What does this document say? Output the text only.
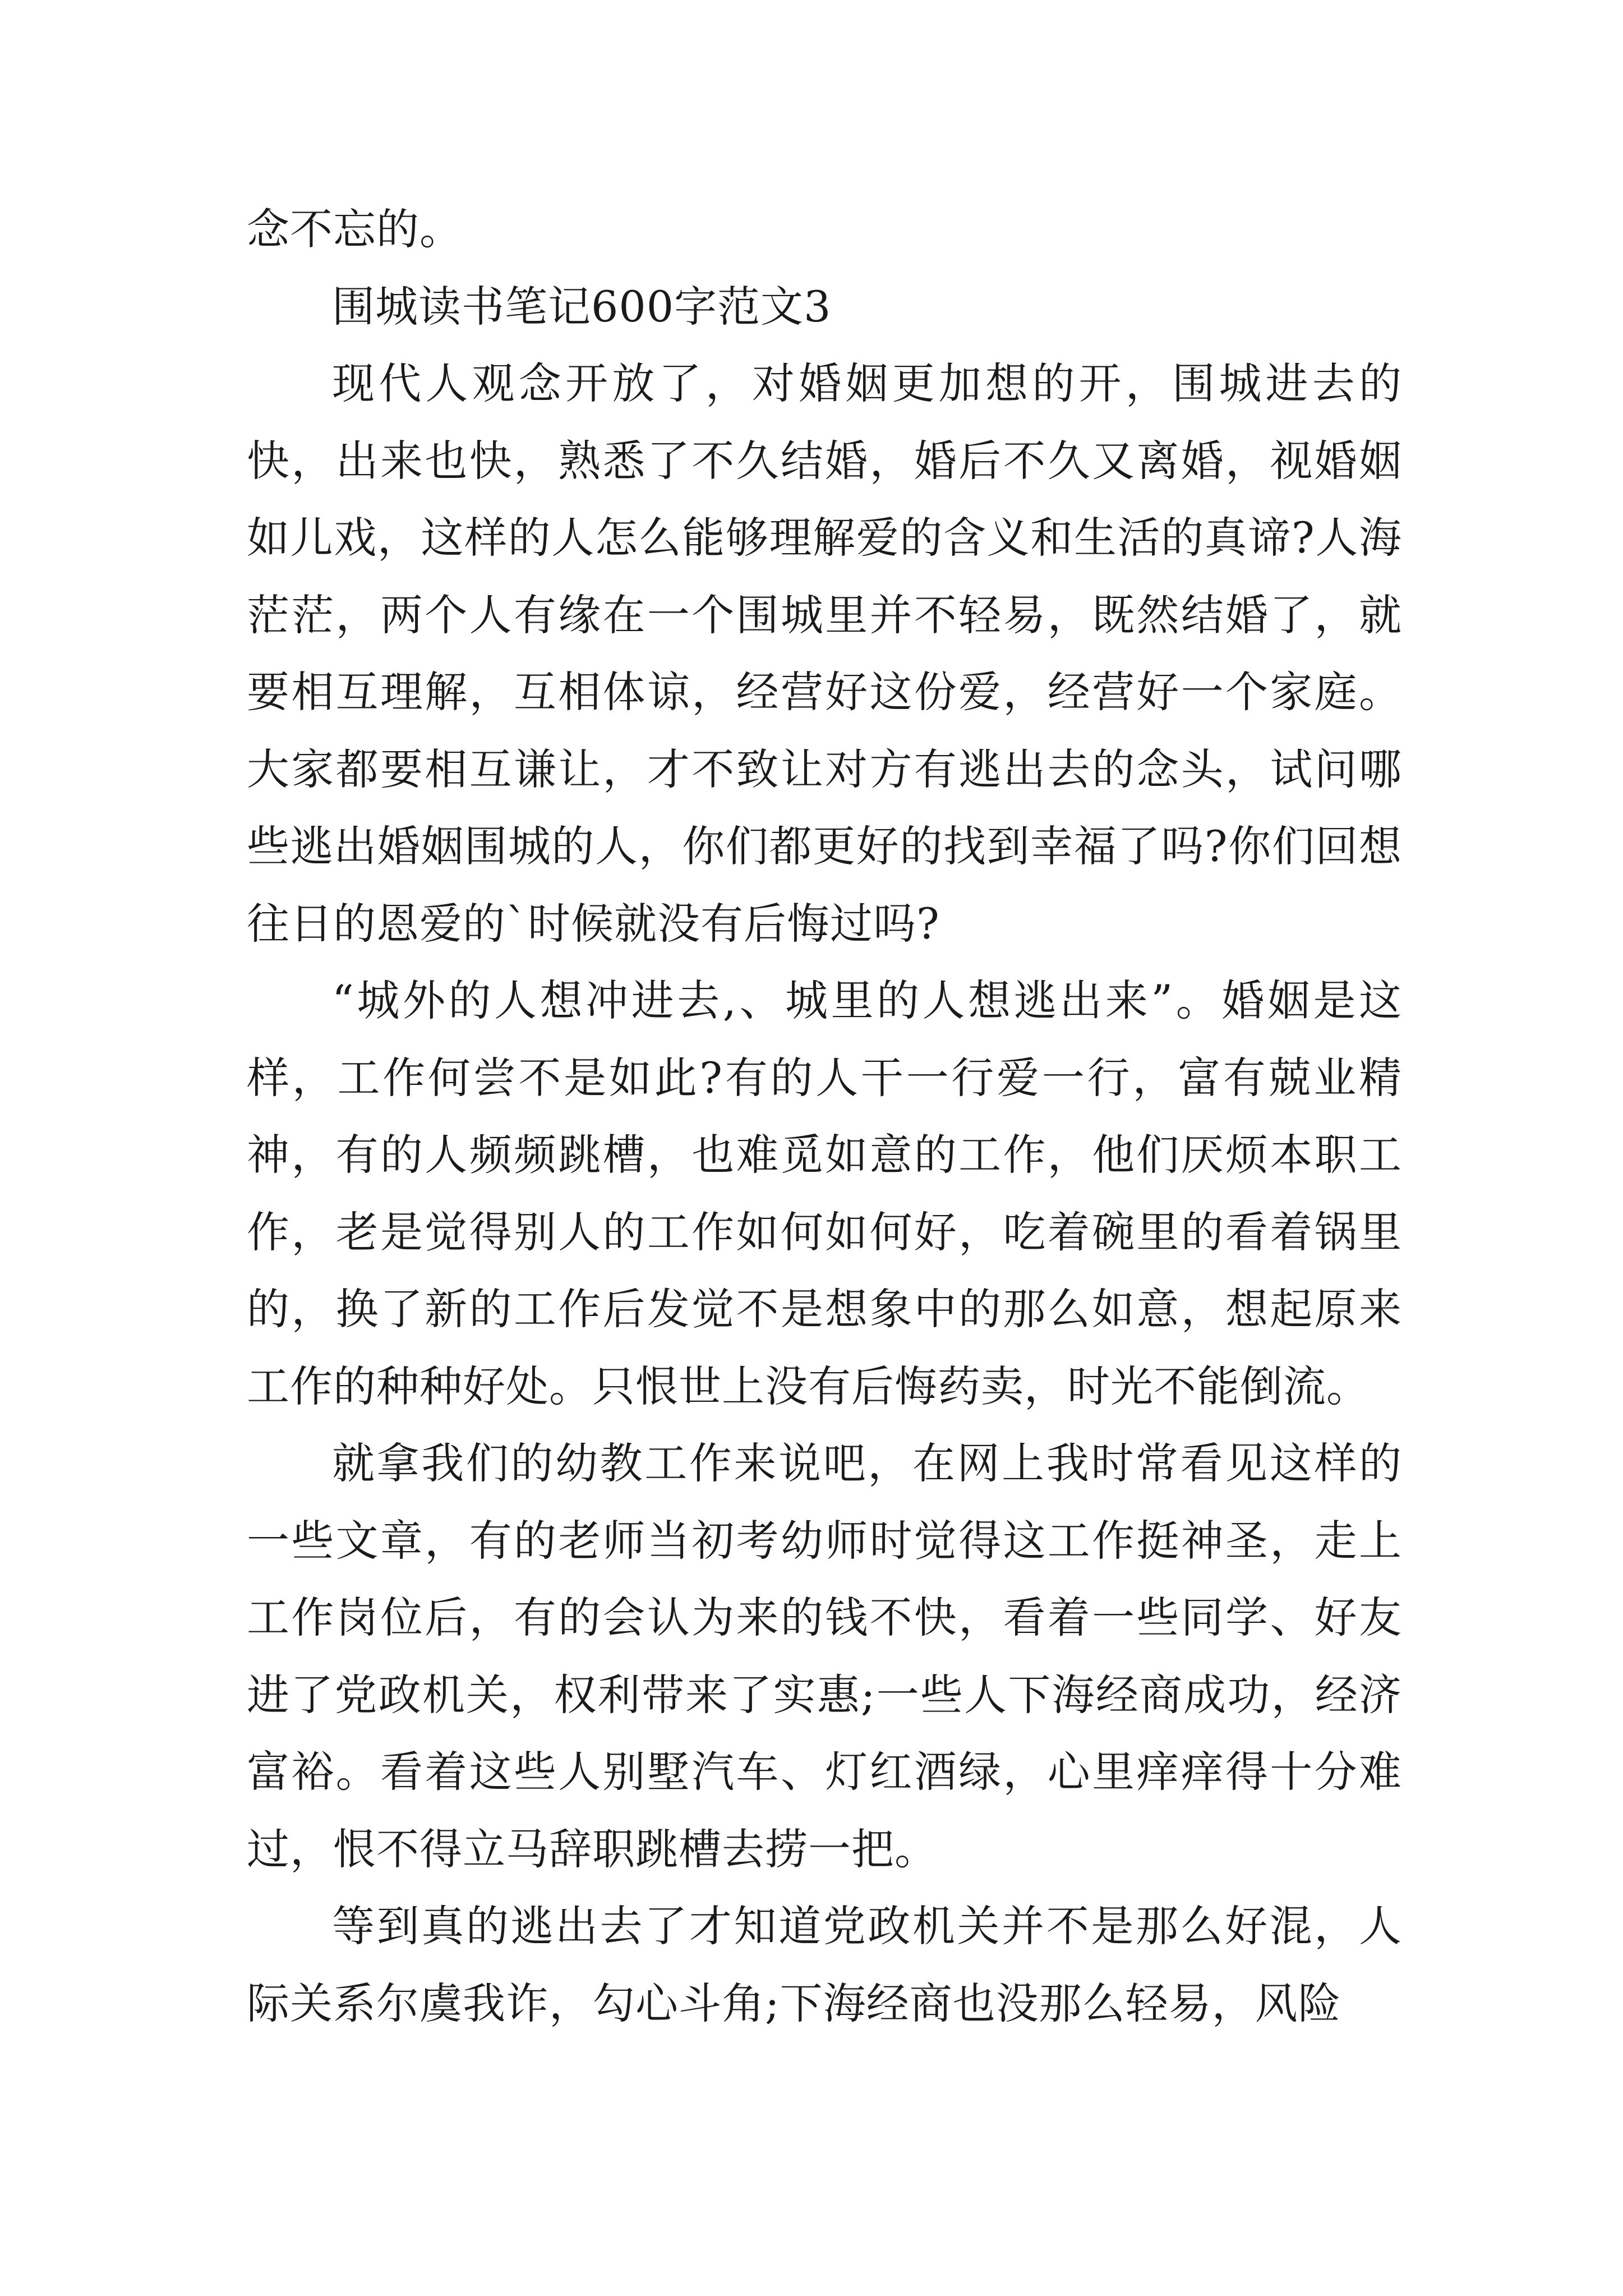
念不忘的。

围城读书笔记600字范文3

现代人观念开放了，对婚姻更加想的开，围城进去的快，出来也快，熟悉了不久结婚，婚后不久又离婚，视婚姻如儿戏，这样的人怎么能够理解爱的含义和生活的真谛?人海茫茫，两个人有缘在一个围城里并不轻易，既然结婚了，就要相互理解，互相体谅，经营好这份爱，经营好一个家庭。大家都要相互谦让，才不致让对方有逃出去的念头，试问哪些逃出婚姻围城的人，你们都更好的找到幸福了吗?你们回想往日的恩爱的`时候就没有后悔过吗?

“城外的人想冲进去,、城里的人想逃出来”。婚姻是这样，工作何尝不是如此?有的人干一行爱一行，富有兢业精神，有的人频频跳槽，也难觅如意的工作，他们厌烦本职工作，老是觉得别人的工作如何如何好，吃着碗里的看着锅里的，换了新的工作后发觉不是想象中的那么如意，想起原来工作的种种好处。只恨世上没有后悔药卖，时光不能倒流。

就拿我们的幼教工作来说吧，在网上我时常看见这样的一些文章，有的老师当初考幼师时觉得这工作挺神圣，走上工作岗位后，有的会认为来的钱不快，看着一些同学、好友进了党政机关，权利带来了实惠;一些人下海经商成功，经济富裕。看着这些人别墅汽车、灯红酒绿，心里痒痒得十分难过，恨不得立马辞职跳槽去捞一把。

等到真的逃出去了才知道党政机关并不是那么好混，人际关系尔虞我诈，勾心斗角;下海经商也没那么轻易，风险
